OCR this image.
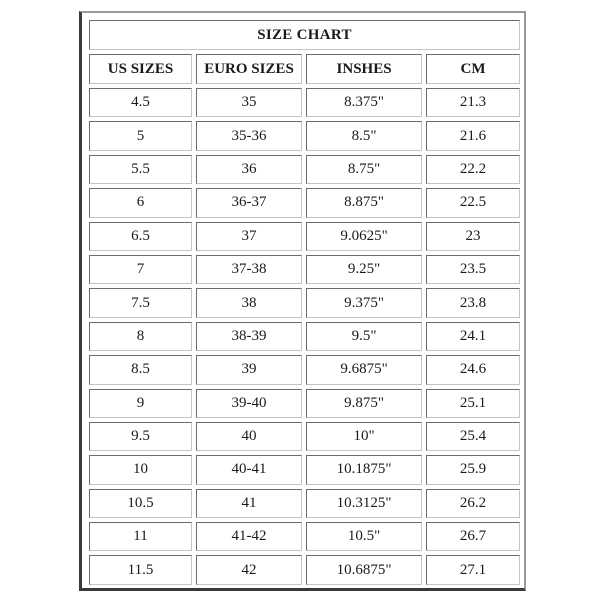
SIZE CHART			
US SIZES	EURO SIZES	INSHES	CM
4.5	35	8.375"	21.3
5	35-36	8.5"	21.6
5.5	36	8.75"	22.2
6	36-37	8.875"	22.5
6.5	37	9.0625"	23
7	37-38	9.25"	23.5
7.5	38	9.375"	23.8
8	38-39	9.5"	24.1
8.5	39	9.6875"	24.6
9	39-40	9.875"	25.1
9.5	40	10"	25.4
10	40-41	10.1875"	25.9
10.5	41	10.3125"	26.2
11	41-42	10.5"	26.7
11.5	42	10.6875"	27.1
